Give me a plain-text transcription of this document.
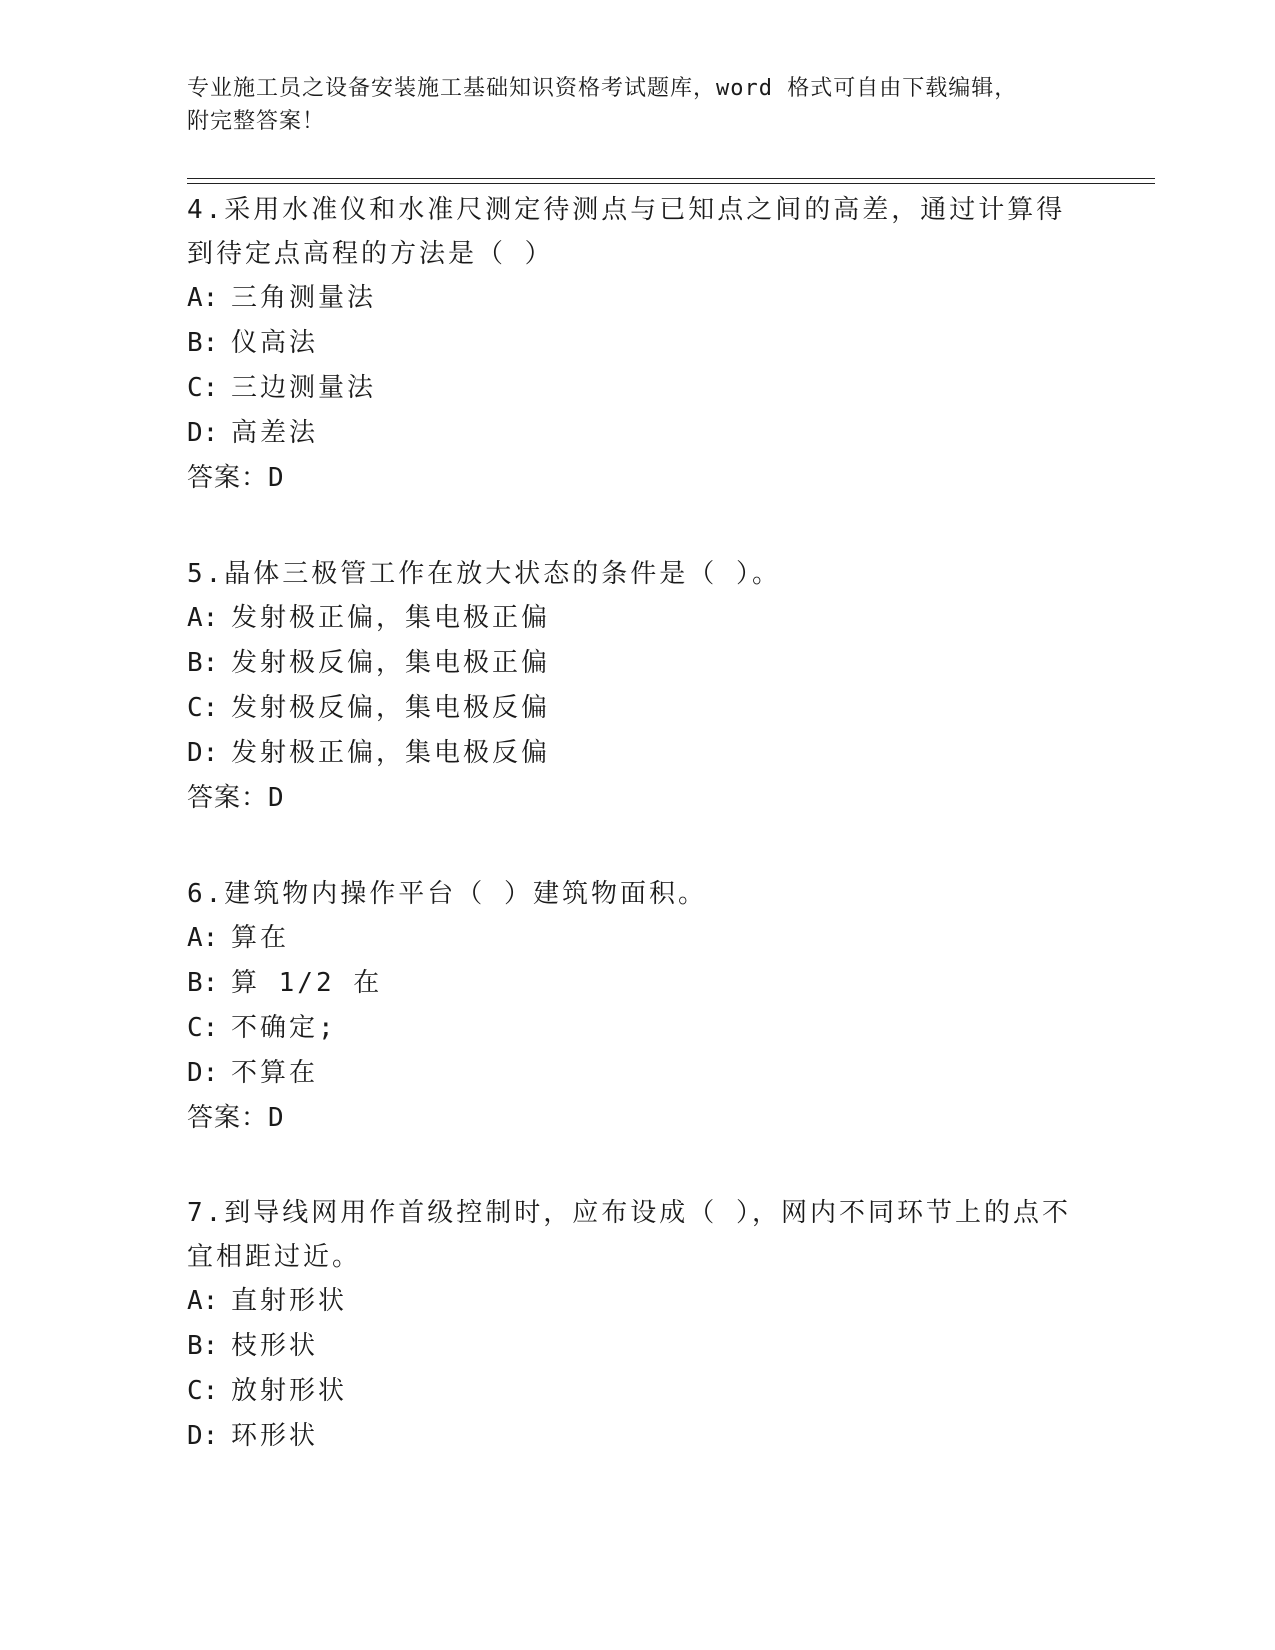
专业施工员之设备安装施工基础知识资格考试题库，word 格式可自由下载编辑，
附完整答案！

4.采用水准仪和水准尺测定待测点与已知点之间的高差，通过计算得

到待定点高程的方法是（ ）

A: 三角测量法

B: 仪高法

C: 三边测量法

D: 高差法

答案：D

5.晶体三极管工作在放大状态的条件是（ ）。

A: 发射极正偏，集电极正偏

B: 发射极反偏，集电极正偏

C: 发射极反偏，集电极反偏

D: 发射极正偏，集电极反偏

答案：D

6.建筑物内操作平台（ ）建筑物面积。

A: 算在

B: 算 1/2 在

C: 不确定;

D: 不算在

答案：D

7.到导线网用作首级控制时，应布设成（ ），网内不同环节上的点不

宜相距过近。

A: 直射形状

B: 枝形状

C: 放射形状

D: 环形状
